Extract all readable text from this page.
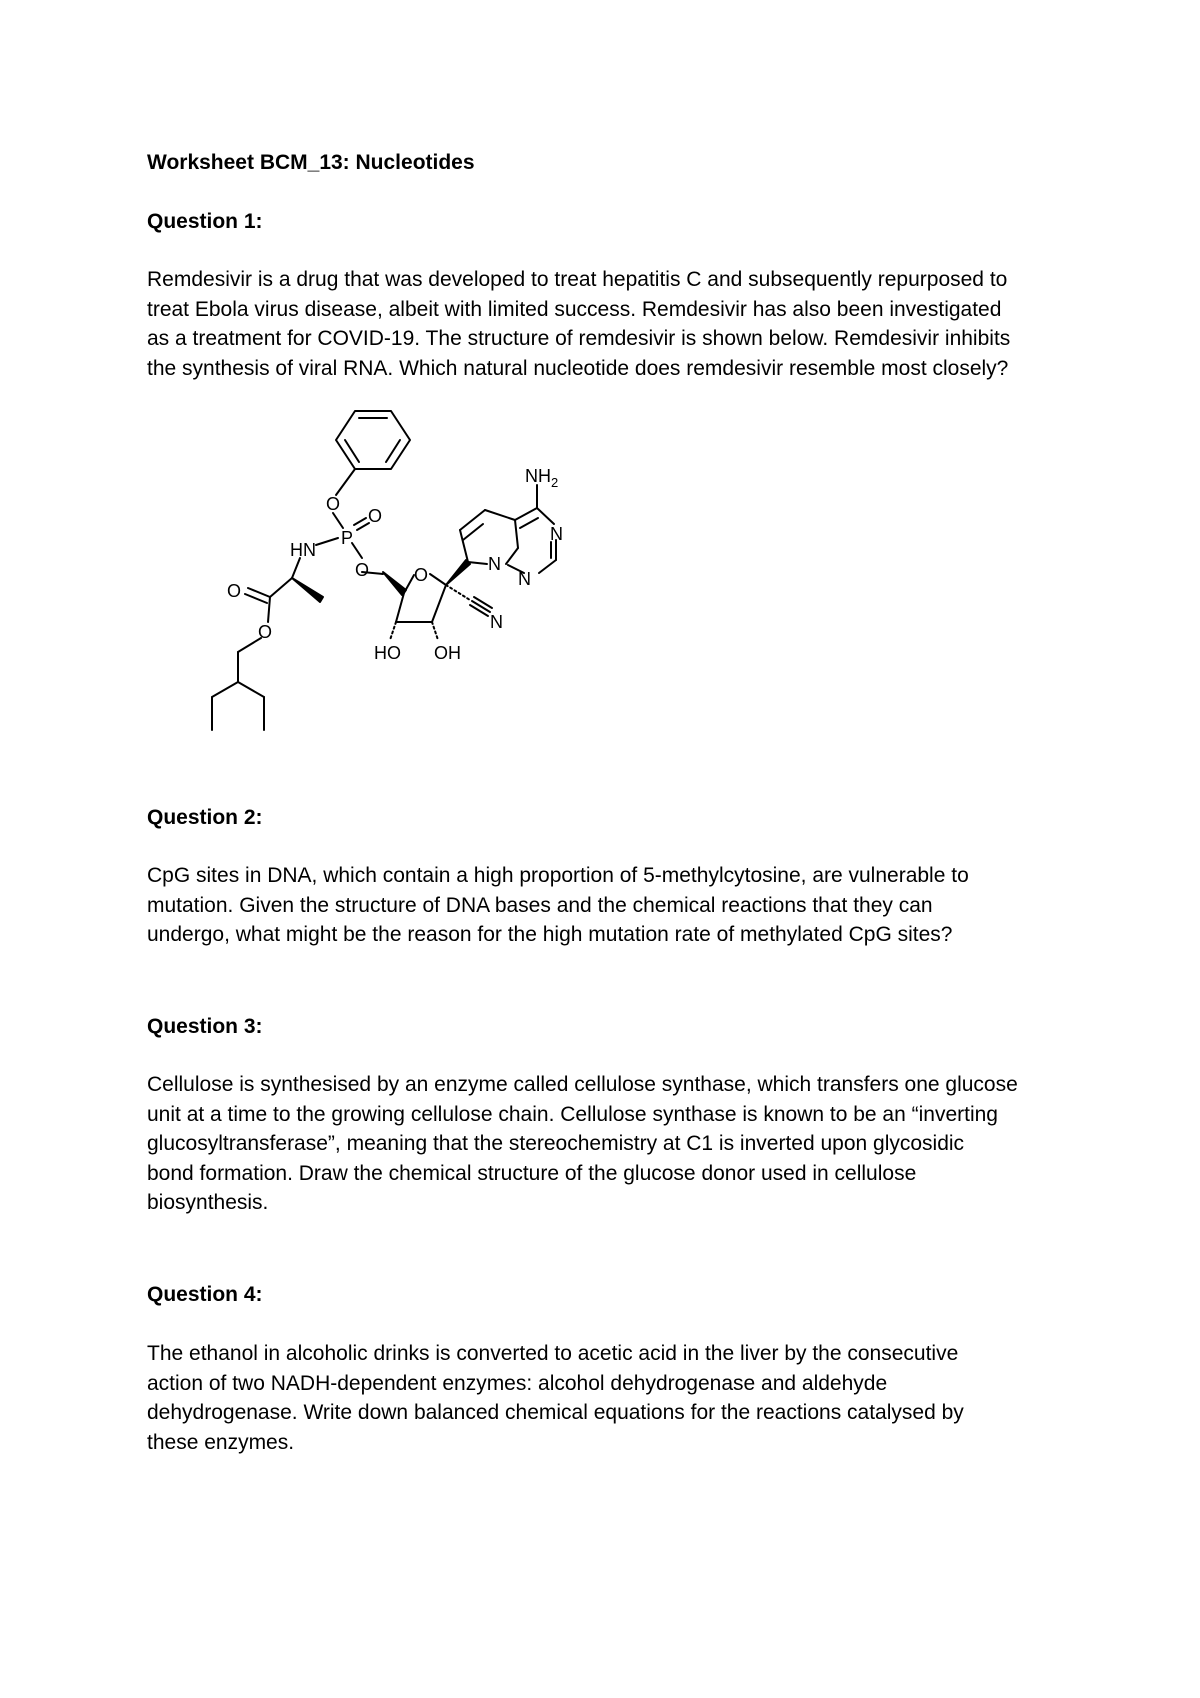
Worksheet BCM_13: Nucleotides
Question 1:

Remdesivir is a drug that was developed to treat hepatitis C and subsequently repurposed to
treat Ebola virus disease, albeit with limited success. Remdesivir has also been investigated
as a treatment for COVID-19. The structure of remdesivir is shown below. Remdesivir inhibits
the synthesis of viral RNA. Which natural nucleotide does remdesivir resemble most closely?

O
P
O
HN
O
O
O
O
HO OH
$NH_2$
N
N
N
N
Question 2:

CpG sites in DNA, which contain a high proportion of 5-methylcytosine, are vulnerable to
mutation. Given the structure of DNA bases and the chemical reactions that they can
undergo, what might be the reason for the high mutation rate of methylated CpG sites?

Question 3:

Cellulose is synthesised by an enzyme called cellulose synthase, which transfers one glucose
unit at a time to the growing cellulose chain. Cellulose synthase is known to be an “inverting
glucosyltransferase”, meaning that the stereochemistry at C1 is inverted upon glycosidic
bond formation. Draw the chemical structure of the glucose donor used in cellulose
biosynthesis.

Question 4:

The ethanol in alcoholic drinks is converted to acetic acid in the liver by the consecutive
action of two NADH-dependent enzymes: alcohol dehydrogenase and aldehyde
dehydrogenase. Write down balanced chemical equations for the reactions catalysed by
these enzymes.
